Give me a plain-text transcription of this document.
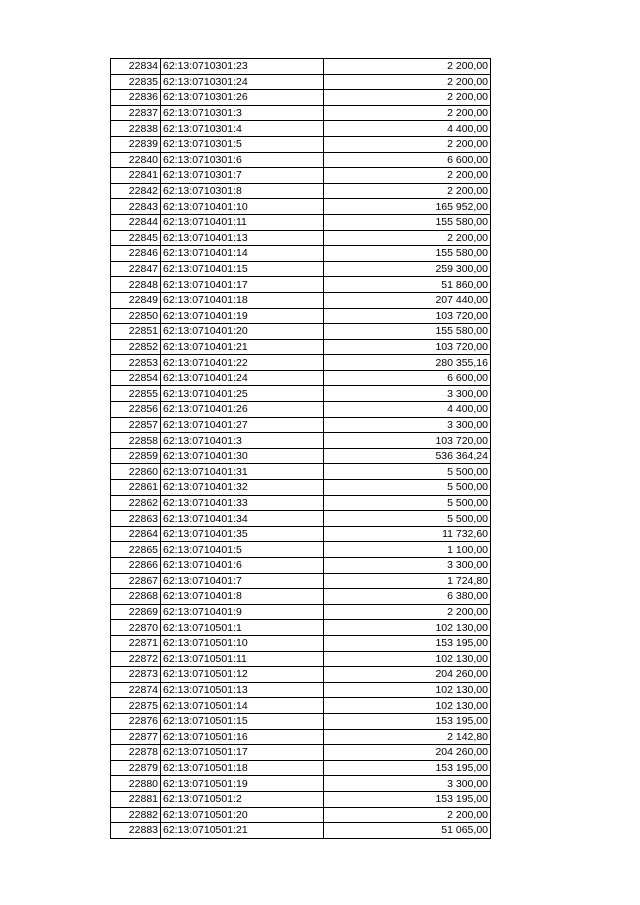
22834	62:13:0710301:23	2 200,00
22835	62:13:0710301:24	2 200,00
22836	62:13:0710301:26	2 200,00
22837	62:13:0710301:3	2 200,00
22838	62:13:0710301:4	4 400,00
22839	62:13:0710301:5	2 200,00
22840	62:13:0710301:6	6 600,00
22841	62:13:0710301:7	2 200,00
22842	62:13:0710301:8	2 200,00
22843	62:13:0710401:10	165 952,00
22844	62:13:0710401:11	155 580,00
22845	62:13:0710401:13	2 200,00
22846	62:13:0710401:14	155 580,00
22847	62:13:0710401:15	259 300,00
22848	62:13:0710401:17	51 860,00
22849	62:13:0710401:18	207 440,00
22850	62:13:0710401:19	103 720,00
22851	62:13:0710401:20	155 580,00
22852	62:13:0710401:21	103 720,00
22853	62:13:0710401:22	280 355,16
22854	62:13:0710401:24	6 600,00
22855	62:13:0710401:25	3 300,00
22856	62:13:0710401:26	4 400,00
22857	62:13:0710401:27	3 300,00
22858	62:13:0710401:3	103 720,00
22859	62:13:0710401:30	536 364,24
22860	62:13:0710401:31	5 500,00
22861	62:13:0710401:32	5 500,00
22862	62:13:0710401:33	5 500,00
22863	62:13:0710401:34	5 500,00
22864	62:13:0710401:35	11 732,60
22865	62:13:0710401:5	1 100,00
22866	62:13:0710401:6	3 300,00
22867	62:13:0710401:7	1 724,80
22868	62:13:0710401:8	6 380,00
22869	62:13:0710401:9	2 200,00
22870	62:13:0710501:1	102 130,00
22871	62:13:0710501:10	153 195,00
22872	62:13:0710501:11	102 130,00
22873	62:13:0710501:12	204 260,00
22874	62:13:0710501:13	102 130,00
22875	62:13:0710501:14	102 130,00
22876	62:13:0710501:15	153 195,00
22877	62:13:0710501:16	2 142,80
22878	62:13:0710501:17	204 260,00
22879	62:13:0710501:18	153 195,00
22880	62:13:0710501:19	3 300,00
22881	62:13:0710501:2	153 195,00
22882	62:13:0710501:20	2 200,00
22883	62:13:0710501:21	51 065,00
